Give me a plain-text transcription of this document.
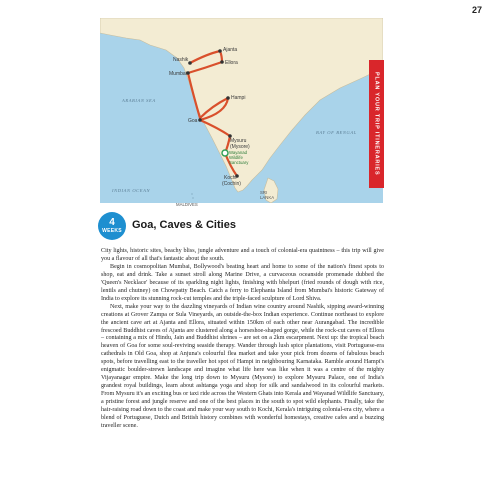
27
ARABIAN SEA
BAY OF BENGAL
INDIAN OCEAN
Nashik
Ajanta
Ellora
Mumbai
Hampi
Goa
Mysuru
(Mysore)
Wayanad
Wildlife
Sanctuary
Kochi
(Cochin)
MALDIVES
SRI
LANKA
PLAN YOUR TRIP ITINERARIES
4
WEEKS Goa, Caves & Cities

City lights, historic sites, beachy bliss, jungle adventure and a touch of colonial-era quaintness – this trip will give you a flavour of all that's fantastic about the south.

Begin in cosmopolitan Mumbai, Bollywood's beating heart and home to some of the nation's finest spots to shop, eat and drink. Take a sunset stroll along Marine Drive, a curvaceous oceanside promenade dubbed the 'Queen's Necklace' because of its sparkling night lights, finishing with bhelpuri (fried rounds of dough with rice, lentils and chutney) on Chowpatty Beach. Catch a ferry to Elephanta Island from Mumbai's historic Gateway of India to explore its stunning rock-cut temples and the triple-faced sculpture of Lord Shiva.

Next, make your way to the dazzling vineyards of Indian wine country around Nashik, sipping award-winning creations at Grover Zampa or Sula Vineyards, an outside-the-box Indian experience. Continue northeast to explore the ancient cave art at Ajanta and Ellora, situated within 150km of each other near Aurangabad. The incredible frescoed Buddhist caves of Ajanta are clustered along a horseshoe-shaped gorge, while the rock-cut caves of Ellora – containing a mix of Hindu, Jain and Buddhist shrines – are set on a 2km escarpment. Next up: the tropical beach heaven of Goa for some soul-reviving seaside therapy. Wander through lush spice plantations, visit Portuguese-era cathedrals in Old Goa, shop at Anjuna's colourful flea market and take your pick from dozens of fabulous beach spots, before travelling east to the traveller hot spot of Hampi in neighbouring Karnataka. Ramble around Hampi's enigmatic boulder-strewn landscape and imagine what life here was like when it was a centre of the mighty Vijayanagar empire. Make the long trip down to Mysuru (Mysore) to explore Mysuru Palace, one of India's grandest royal buildings, learn about ashtanga yoga and shop for silk and sandalwood in its colourful markets. From Mysuru it's an exciting bus or taxi ride across the Western Ghats into Kerala and Wayanad Wildlife Sanctuary, a pristine forest and jungle reserve and one of the best places in the south to spot wild elephants. Finally, take the hair-raising road down to the coast and make your way south to Kochi, Kerala's intriguing colonial-era city, where a blend of Portuguese, Dutch and British history combines with wonderful homestays, creative cafes and a buzzing traveller scene.
